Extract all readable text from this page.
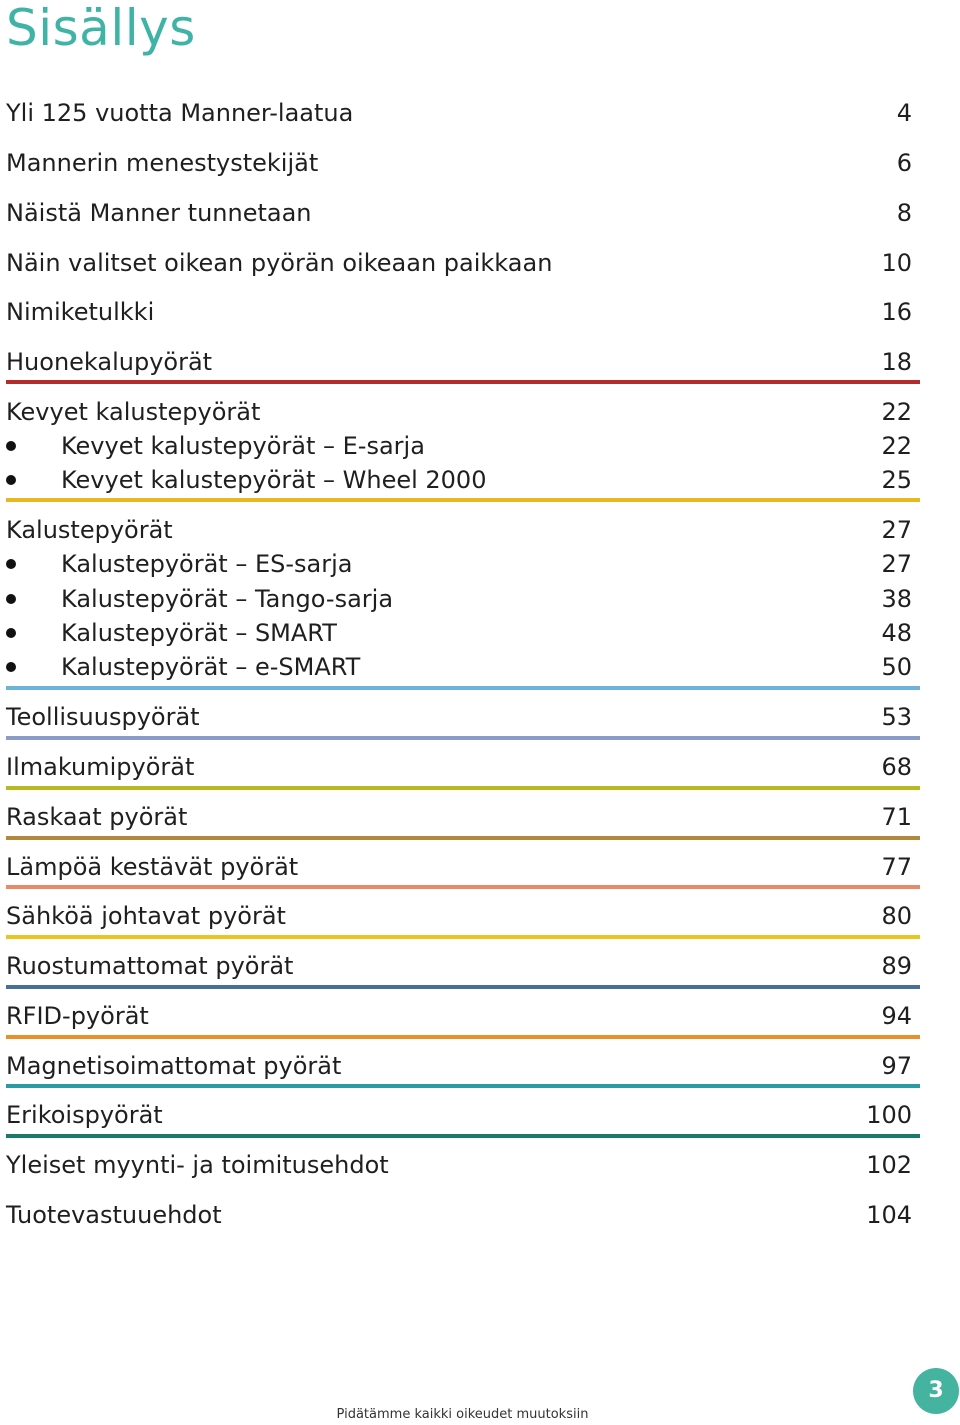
Sisällys
Yli 125 vuotta Manner-laatua	4
Mannerin menestystekijät	6
Näistä Manner tunnetaan	8
Näin valitset oikean pyörän oikeaan paikkaan	10
Nimiketulkki	16
Huonekalupyörät	18
Kevyet kalustepyörät	22
Kevyet kalustepyörät – E-sarja	22
Kevyet kalustepyörät – Wheel 2000	25
Kalustepyörät	27
Kalustepyörät – ES-sarja	27
Kalustepyörät – Tango-sarja	38
Kalustepyörät – SMART	48
Kalustepyörät – e-SMART	50
Teollisuuspyörät	53
Ilmakumipyörät	68
Raskaat pyörät	71
Lämpöä kestävät pyörät	77
Sähköä johtavat pyörät	80
Ruostumattomat pyörät	89
RFID-pyörät	94
Magnetisoimattomat pyörät	97
Erikoispyörät	100
Yleiset myynti- ja toimitusehdot	102
Tuotevastuuehdot	104
3
Pidätämme kaikki oikeudet muutoksiin
